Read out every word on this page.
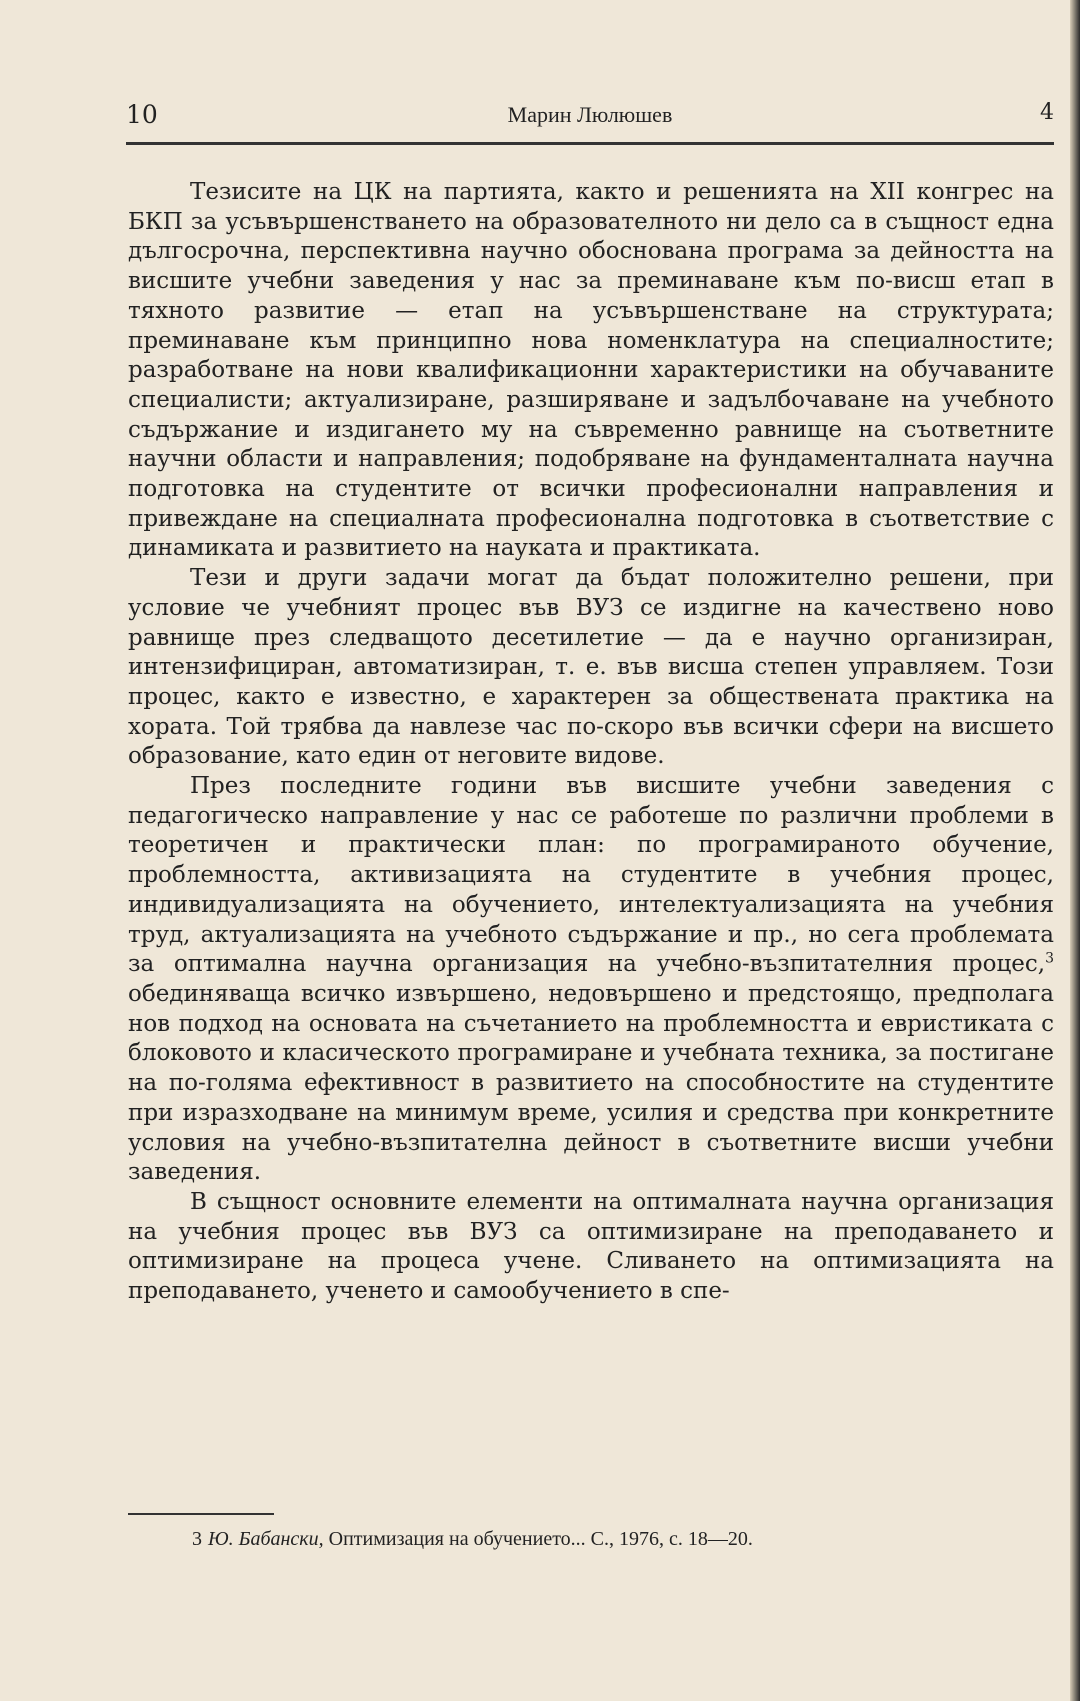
10	Марин Люлюшев	4

Тезисите на ЦК на партията, както и решенията на XII конгрес на БКП за усъвършенстването на образователното ни дело са в същност една дългосрочна, перспективна научно обоснована програма за дейността на висшите учебни заведения у нас за преминаване към по-висш етап в тяхното развитие — етап на усъвършенстване на структурата; преминаване към принципно нова номенклатура на специалностите; разработване на нови квалификационни характеристики на обучаваните специалисти; актуализиране, разширяване и задълбочаване на учебното съдържание и издигането му на съвременно равнище на съответните научни области и направления; подобряване на фундаменталната научна подготовка на студентите от всички професионални направления и привеждане на специалната професионална подготовка в съответствие с динамиката и развитието на науката и практиката.

Тези и други задачи могат да бъдат положително решени, при условие че учебният процес във ВУЗ се издигне на качествено ново равнище през следващото десетилетие — да е научно организиран, интензифициран, автоматизиран, т. е. във висша степен управляем. Този процес, както е известно, е характерен за обществената практика на хората. Той трябва да навлезе час по-скоро във всички сфери на висшето образование, като един от неговите видове.

През последните години във висшите учебни заведения с педагогическо направление у нас се работеше по различни проблеми в теоретичен и практически план: по програмираното обучение, проблемността, активизацията на студентите в учебния процес, индивидуализацията на обучението, интелектуализацията на учебния труд, актуализацията на учебното съдържание и пр., но сега проблемата за оптимална научна организация на учебно-възпитателния процес,$^3$ обединяваща всичко извършено, недовършено и предстоящо, предполага нов подход на основата на съчетанието на проблемността и евристиката с блоковото и класическото програмиране и учебната техника, за постигане на по-голяма ефективност в развитието на способностите на студентите при изразходване на минимум време, усилия и средства при конкретните условия на учебно-възпитателна дейност в съответните висши учебни заведения.

В същност основните елементи на оптималната научна организация на учебния процес във ВУЗ са оптимизиране на преподаването и оптимизиране на процеса учене. Сливането на оптимизацията на преподаването, ученето и самообучението в спе-

3 Ю. Бабански, Оптимизация на обучението... С., 1976, с. 18—20.
